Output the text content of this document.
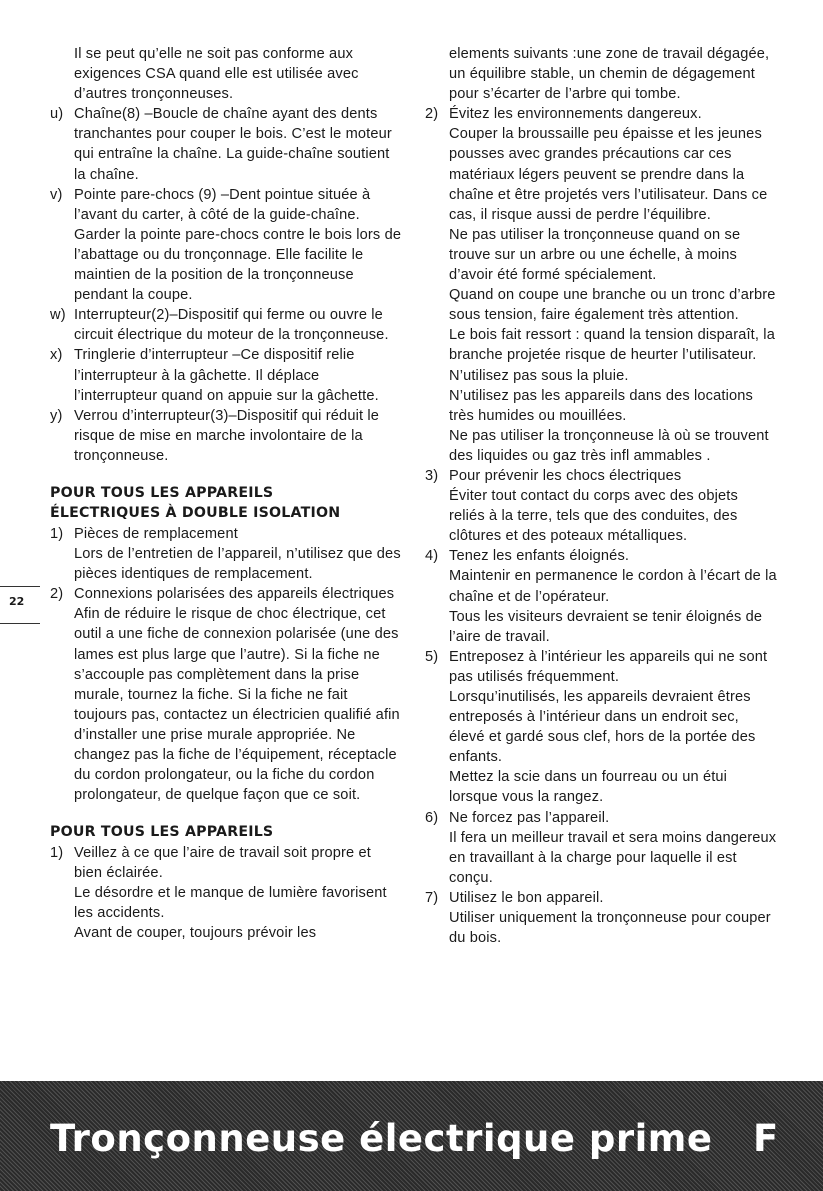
Il se peut qu’elle ne soit pas conforme aux exigences CSA quand elle est utilisée avec d’autres tronçonneuses.

u) Chaîne(8) –Boucle de chaîne ayant des dents tranchantes pour couper le bois. C’est le moteur qui entraîne la chaîne. La guide-chaîne soutient la chaîne.
v) Pointe pare-chocs (9) –Dent pointue située à l’avant du carter, à côté de la guide-chaîne. Garder la pointe pare-chocs contre le bois lors de l’abattage ou du tronçonnage. Elle facilite le maintien de la position de la tronçonneuse pendant la coupe.
w) Interrupteur(2)–Dispositif qui ferme ou ouvre le circuit électrique du moteur de la tronçonneuse.
x) Tringlerie d’interrupteur –Ce dispositif relie l’interrupteur à la gâchette. Il déplace l’interrupteur quand on appuie sur la gâchette.
y) Verrou d’interrupteur(3)–Dispositif qui réduit le risque de mise en marche involontaire de la tronçonneuse.

POUR TOUS LES APPAREILS
ÉLECTRIQUES À DOUBLE ISOLATION

1) Pièces de remplacement
Lors de l’entretien de l’appareil, n’utilisez que des pièces identiques de remplacement.
2) Connexions polarisées des appareils électriques
Afin de réduire le risque de choc électrique, cet outil a une fiche de connexion polarisée (une des lames est plus large que l’autre). Si la fiche ne s’accouple pas complètement dans la prise murale, tournez la fiche. Si la fiche ne fait toujours pas, contactez un électricien qualifié afin d’installer une prise murale appropriée. Ne changez pas la fiche de l’équipement, réceptacle du cordon prolongateur, ou la fiche du cordon prolongateur, de quelque façon que ce soit.

POUR TOUS LES APPAREILS

1) Veillez à ce que l’aire de travail soit propre et bien éclairée.
Le désordre et le manque de lumière favorisent les accidents.
Avant de couper, toujours prévoir les

elements suivants :une zone de travail dégagée, un équilibre stable, un chemin de dégagement pour s’écarter de l’arbre qui tombe.

2) Évitez les environnements dangereux.
Couper la broussaille peu épaisse et les jeunes pousses avec grandes précautions car ces matériaux légers peuvent se prendre dans la chaîne et être projetés vers l’utilisateur. Dans ce cas, il risque aussi de perdre l’équilibre.
Ne pas utiliser la tronçonneuse quand on se trouve sur un arbre ou une échelle, à moins d’avoir été formé spécialement.
Quand on coupe une branche ou un tronc d’arbre sous tension, faire également très attention.
Le bois fait ressort : quand la tension disparaît, la branche projetée risque de heurter l’utilisateur.
N’utilisez pas sous la pluie.
N’utilisez pas les appareils dans des locations très humides ou mouillées.
Ne pas utiliser la tronçonneuse là où se trouvent des liquides ou gaz très infl ammables .
3) Pour prévenir les chocs électriques
Éviter tout contact du corps avec des objets reliés à la terre, tels que des conduites, des clôtures et des poteaux métalliques.
4) Tenez les enfants éloignés.
Maintenir en permanence le cordon à l’écart de la chaîne et de l’opérateur.
Tous les visiteurs devraient se tenir éloignés de l’aire de travail.
5) Entreposez à l’intérieur les appareils qui ne sont pas utilisés fréquemment.
Lorsqu’inutilisés, les appareils devraient êtres entreposés à l’intérieur dans un endroit sec, élevé et gardé sous clef, hors de la portée des enfants.
Mettez la scie dans un fourreau ou un étui lorsque vous la rangez.
6) Ne forcez pas l’appareil.
Il fera un meilleur travail et sera moins dangereux en travaillant à la charge pour laquelle il est conçu.
7) Utilisez le bon appareil.
Utiliser uniquement la tronçonneuse pour couper du bois.
22
Tronçonneuse électrique prime F
